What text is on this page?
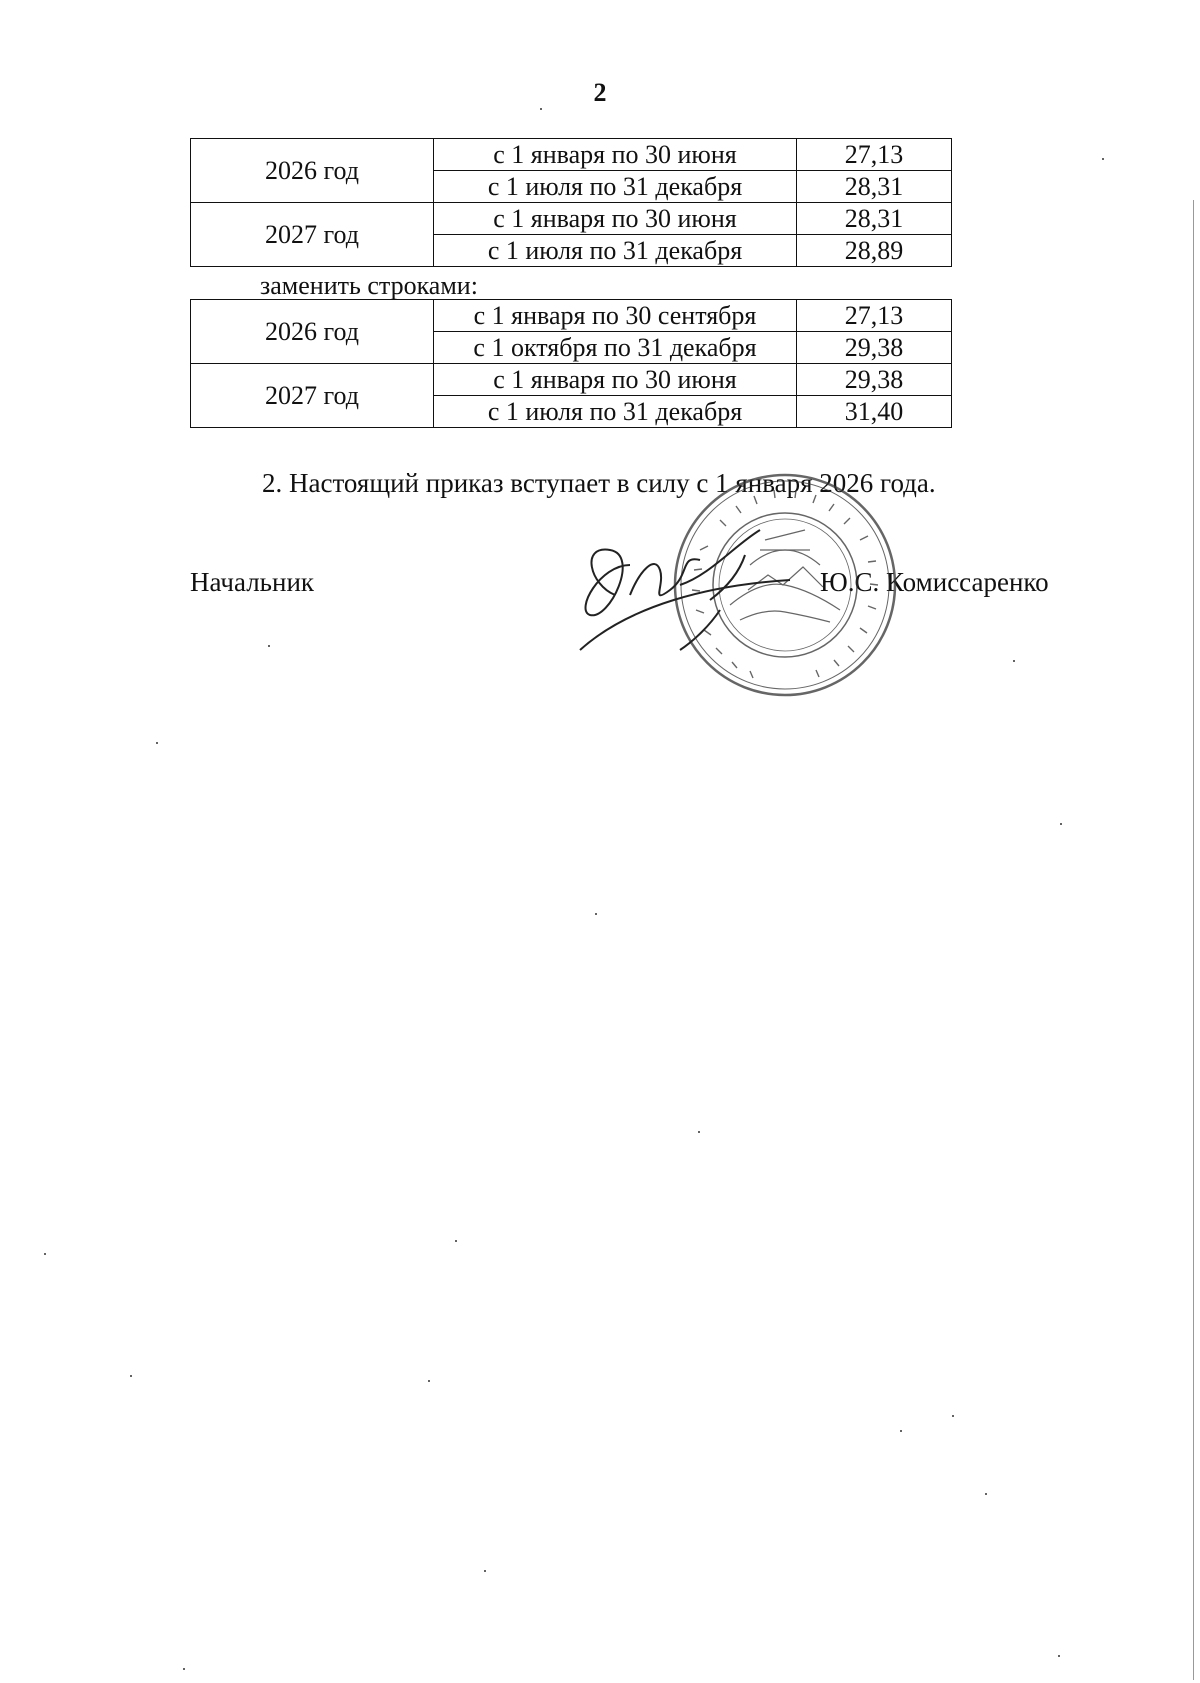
2
2026 год	с 1 января по 30 июня	27,13
	с 1 июля по 31 декабря	28,31
2027 год	с 1 января по 30 июня	28,31
	с 1 июля по 31 декабря	28,89
заменить строками:
2026 год	с 1 января по 30 сентября	27,13
	с 1 октября по 31 декабря	29,38
2027 год	с 1 января по 30 июня	29,38
	с 1 июля по 31 декабря	31,40
2. Настоящий приказ вступает в силу с 1 января 2026 года.
Начальник	Ю.С. Комиссаренко
